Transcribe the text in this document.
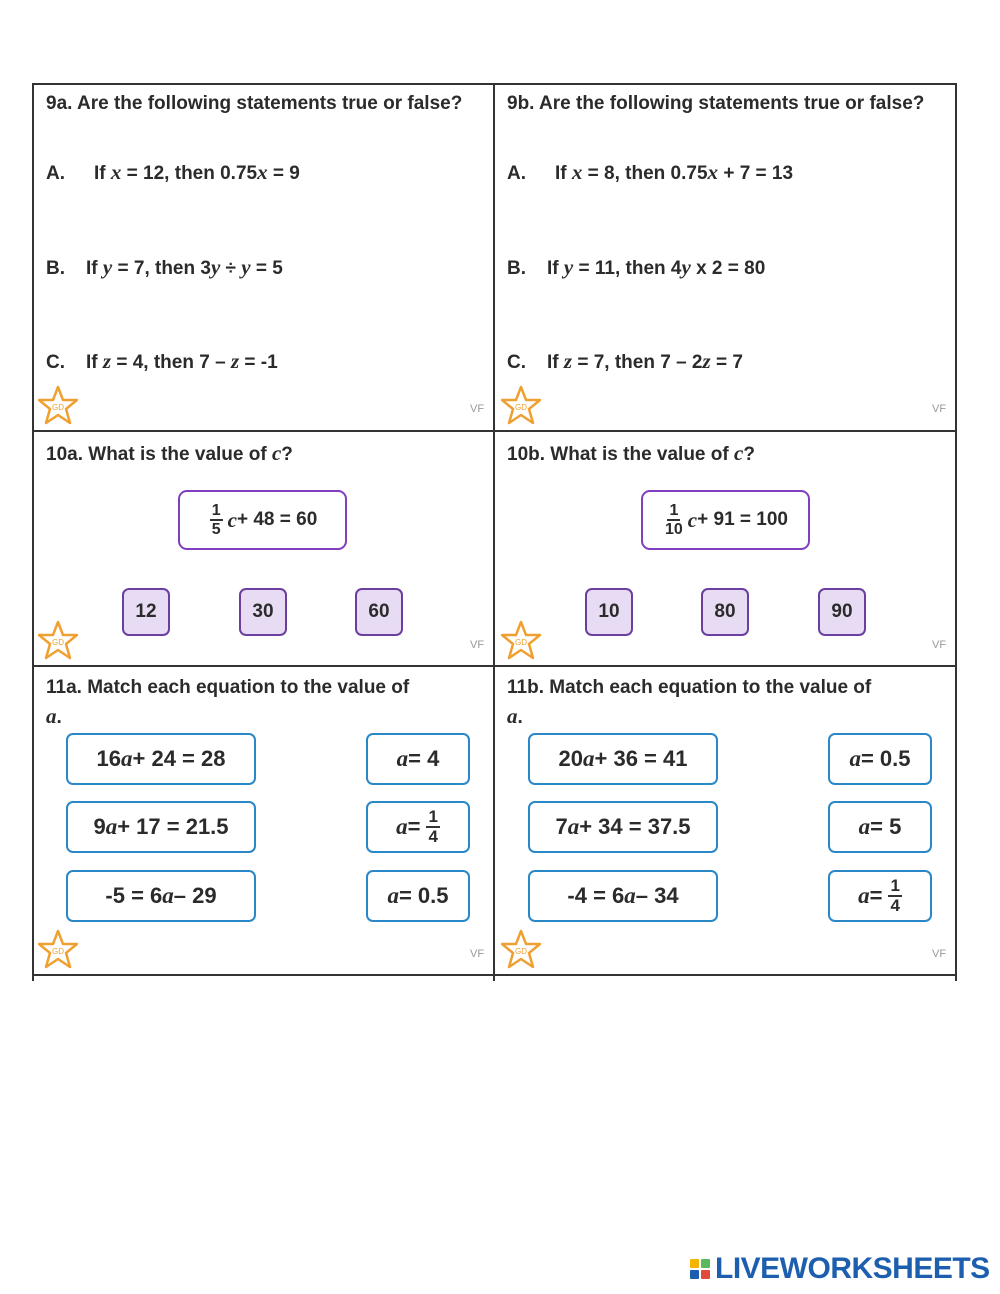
9a. Are the following statements true or false?
A. If x = 12, then 0.75x = 9
B. If y = 7, then 3y ÷ y = 5
C. If z = 4, then 7 – z = -1
GD	VF
9b. Are the following statements true or false?
A. If x = 8, then 0.75x + 7 = 13
B. If y = 11, then 4y x 2 = 80
C. If z = 7, then 7 – 2z = 7
GD	VF
10a. What is the value of c?
$\frac{1}{5}$ c + 48 = 60
12	30	60
GD	VF
10b. What is the value of c?
$\frac{1}{10}$ c + 91 = 100
10	80	90
GD	VF
11a. Match each equation to the value of
a.
16 a + 24 = 28
9 a + 17 = 21.5
-5 = 6 a – 29
a = 4
$a = \frac{1}{4}$
a = 0.5
GD	VF
11b. Match each equation to the value of
a.
20 a + 36 = 41
7 a + 34 = 37.5
-4 = 6 a – 34
a = 0.5
a = 5
$a = \frac{1}{4}$
GD	VF
LIVEWORKSHEETS
